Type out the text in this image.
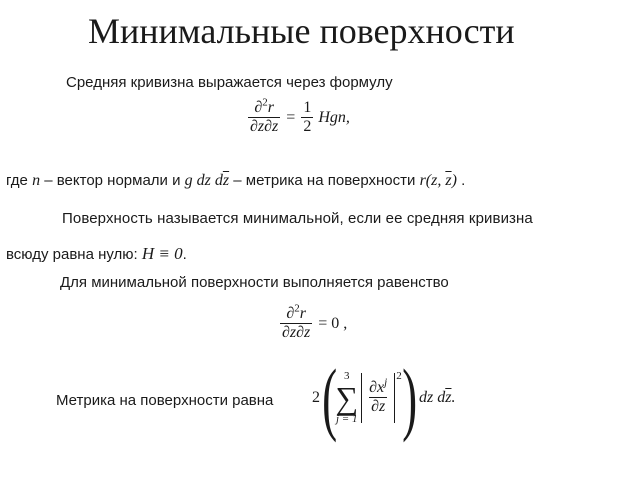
Минимальные поверхности
Средняя кривизна выражается через формулу
$\frac{\partial^2r}{\partial z\partial\overline{z}} = \frac{1}{2}$ Hgn,
где n – вектор нормали и g dz $d\overline{z}$ – метрика на поверхности r(z, $\overline{z}$) .
Поверхность называется минимальной, если ее средняя кривизна
всюду равна нулю: H ≡ 0.
Для минимальной поверхности выполняется равенство
$\frac{\partial^2r}{\partial z\partial\overline{z}} = 0$ ,
Метрика на поверхности равна 2 ( 3
∑
j = 1
$\frac{\partial x^j}{\partial z}$
2 ) dz $d\overline{z}$.
